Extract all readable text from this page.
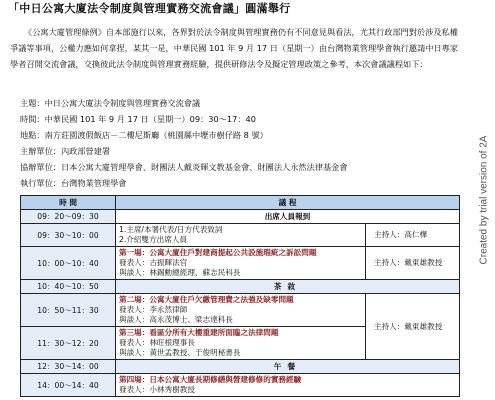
「中日公寓大廈法令制度與管理實務交流會議」圓滿舉行
《公寓大廈管理條例》自本部施行以來，各界對於法令制度與管理實務仍有不同意見與看法，尤其行政部門對於涉及私權爭議等事項，公權力應如何拿捏，某其一是，中華民國 101 年 9 月 17 日（星期一）由台灣物業管理學會執行邀請中日專家學者召開交流會議，交換彼此法令制度與管理實務經驗，提供研修法令及擬定管理政策之參考，本次會議議程如下：
主題：中日公寓大廈法令制度與管理實務交流會議
時間：中華民國 101 年 9 月 17 日（星期一）09：30～17：40
地點：南方莊園渡假飯店－二樓尼斯廳（桃園縣中壢市樹仔路 8 號）
主辦單位：內政部營建署
協辦單位：日本公寓大廈管理學會、財團法人戴炎輝文教基金會、財團法人永然法律基金會
執行單位：台灣物業管理學會
時 間	議 程	
09：20～09：30	出席人員報到	
09：30～10：00	1.主席/本署代表/日方代表致詞
2.介紹雙方出席人員	主持人：高仁樺
10：00～10：40	第一場：公寓大廈住戶對建商提起公共設施瑕疵之訴訟問題
發表人：古振暉法官
與談人：林錫勳總經理、蘇志民科長	主持人：戴東雄教授
10：40～10：50	茶敘	
10：50～11：30	第二場：公寓大廈住戶欠繳管理費之法強及缺零問題
發表人：李永然律師
與談人：高永茂博士、梁志達科長	主持人：戴東雄教授
11：30～12：20	第三場：看區分所有大樓重建所面臨之法律問題
發表人：林旺根理事長
與談人：黃世孟教授、于俊明秘書長	

12：30～14：00	午餐	
14：00～14：40	第四場：日本公寓大廈長期修繕與營建修修的實務經驗
發表人：小林秀樹教授	
Created by trial version of 2A
